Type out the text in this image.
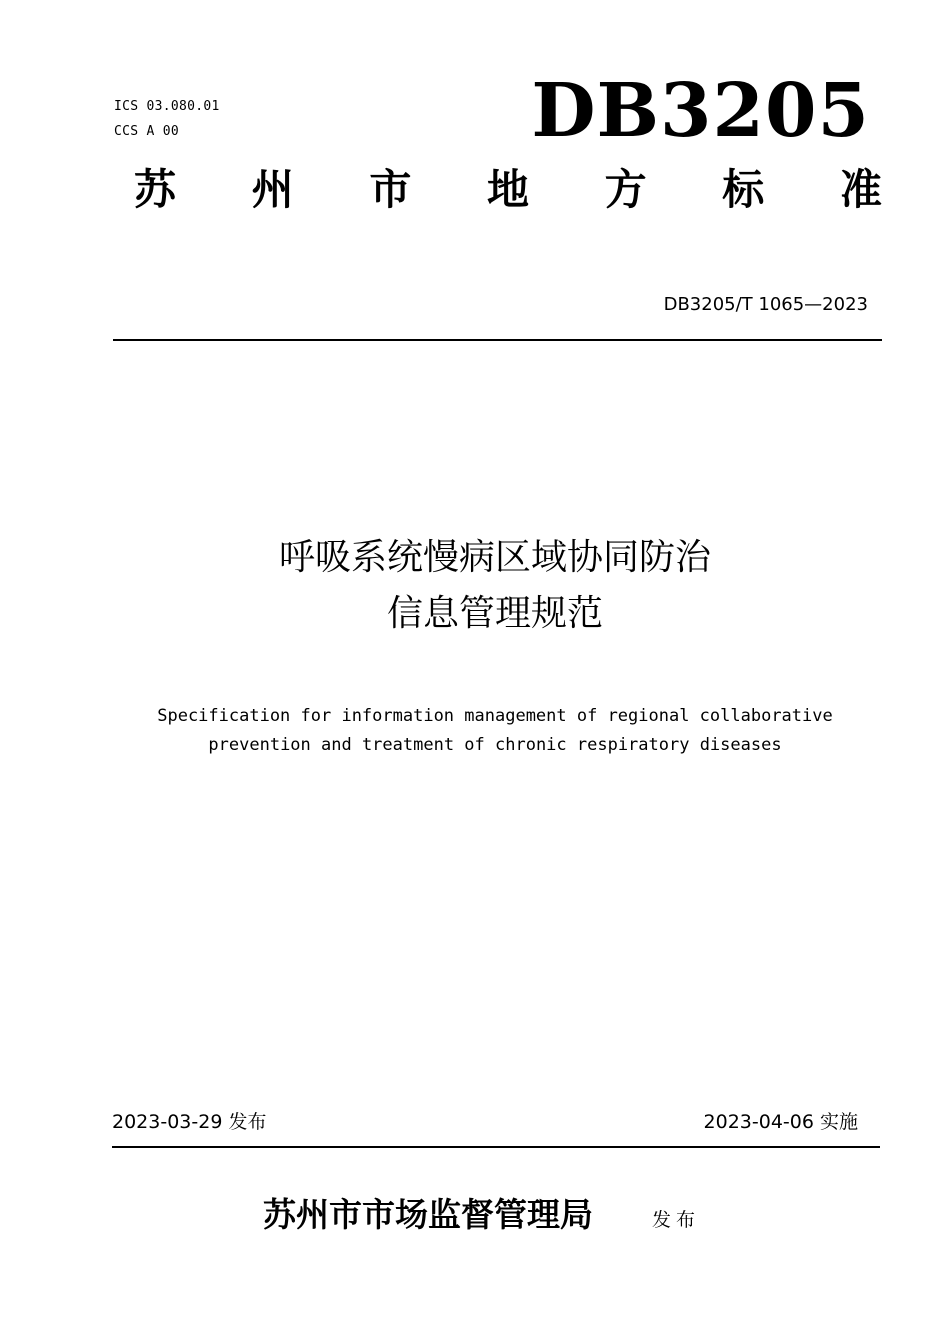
ICS 03.080.01
CCS A 00	DB3205
苏 州 市 地 方 标 准
DB3205/T 1065—2023
呼吸系统慢病区域协同防治
信息管理规范
Specification for information management of regional collaborative
prevention and treatment of chronic respiratory diseases
2023-03-29 发布	2023-04-06 实施
苏州市市场监督管理局	发布
